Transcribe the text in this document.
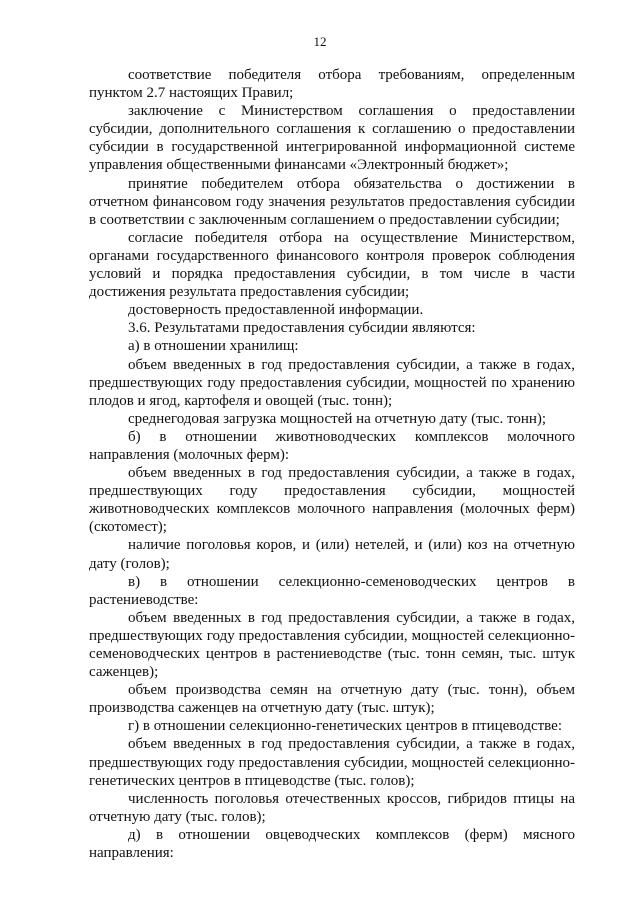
12

соответствие победителя отбора требованиям, определенным пунктом 2.7 настоящих Правил;

заключение с Министерством соглашения о предоставлении субсидии, дополнительного соглашения к соглашению о предоставлении субсидии в государственной интегрированной информационной системе управления общественными финансами «Электронный бюджет»;

принятие победителем отбора обязательства о достижении в отчетном финансовом году значения результатов предоставления субсидии в соответствии с заключенным соглашением о предоставлении субсидии;

согласие победителя отбора на осуществление Министерством, органами государственного финансового контроля проверок соблюдения условий и порядка предоставления субсидии, в том числе в части достижения результата предоставления субсидии;

достоверность предоставленной информации.

3.6. Результатами предоставления субсидии являются:

а) в отношении хранилищ:

объем введенных в год предоставления субсидии, а также в годах, предшествующих году предоставления субсидии, мощностей по хранению плодов и ягод, картофеля и овощей (тыс. тонн);

среднегодовая загрузка мощностей на отчетную дату (тыс. тонн);

б) в отношении животноводческих комплексов молочного направления (молочных ферм):

объем введенных в год предоставления субсидии, а также в годах, предшествующих году предоставления субсидии, мощностей животноводческих комплексов молочного направления (молочных ферм) (скотомест);

наличие поголовья коров, и (или) нетелей, и (или) коз на отчетную дату (голов);

в) в отношении селекционно-семеноводческих центров в растениеводстве:

объем введенных в год предоставления субсидии, а также в годах, предшествующих году предоставления субсидии, мощностей селекционно-семеноводческих центров в растениеводстве (тыс. тонн семян, тыс. штук саженцев);

объем производства семян на отчетную дату (тыс. тонн), объем производства саженцев на отчетную дату (тыс. штук);

г) в отношении селекционно-генетических центров в птицеводстве:

объем введенных в год предоставления субсидии, а также в годах, предшествующих году предоставления субсидии, мощностей селекционно-генетических центров в птицеводстве (тыс. голов);

численность поголовья отечественных кроссов, гибридов птицы на отчетную дату (тыс. голов);

д) в отношении овцеводческих комплексов (ферм) мясного направления:
